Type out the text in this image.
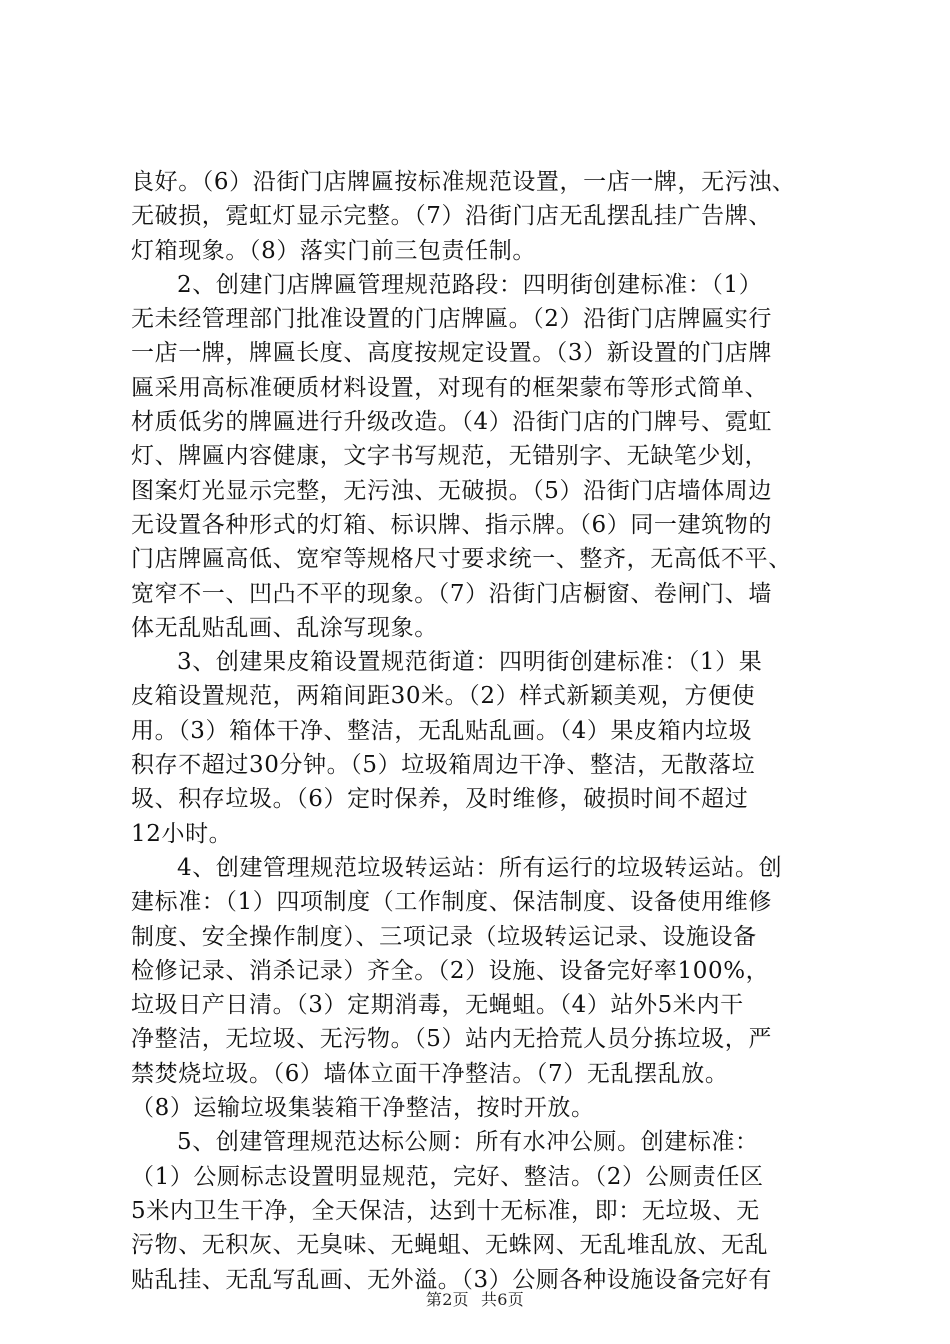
良好。（6）沿街门店牌匾按标准规范设置，一店一牌，无污浊、
无破损，霓虹灯显示完整。（7）沿街门店无乱摆乱挂广告牌、
灯箱现象。（8）落实门前三包责任制。
2、创建门店牌匾管理规范路段：四明街创建标准：（1）
无未经管理部门批准设置的门店牌匾。（2）沿街门店牌匾实行
一店一牌，牌匾长度、高度按规定设置。（3）新设置的门店牌
匾采用高标准硬质材料设置，对现有的框架蒙布等形式简单、
材质低劣的牌匾进行升级改造。（4）沿街门店的门牌号、霓虹
灯、牌匾内容健康，文字书写规范，无错别字、无缺笔少划，
图案灯光显示完整，无污浊、无破损。（5）沿街门店墙体周边
无设置各种形式的灯箱、标识牌、指示牌。（6）同一建筑物的
门店牌匾高低、宽窄等规格尺寸要求统一、整齐，无高低不平、
宽窄不一、凹凸不平的现象。（7）沿街门店橱窗、卷闸门、墙
体无乱贴乱画、乱涂写现象。
3、创建果皮箱设置规范街道：四明街创建标准：（1）果
皮箱设置规范，两箱间距30米。（2）样式新颖美观，方便使
用。（3）箱体干净、整洁，无乱贴乱画。（4）果皮箱内垃圾
积存不超过30分钟。（5）垃圾箱周边干净、整洁，无散落垃
圾、积存垃圾。（6）定时保养，及时维修，破损时间不超过
12小时。
4、创建管理规范垃圾转运站：所有运行的垃圾转运站。创
建标准：（1）四项制度（工作制度、保洁制度、设备使用维修
制度、安全操作制度）、三项记录（垃圾转运记录、设施设备
检修记录、消杀记录）齐全。（2）设施、设备完好率100%，
垃圾日产日清。（3）定期消毒，无蝇蛆。（4）站外5米内干
净整洁，无垃圾、无污物。（5）站内无拾荒人员分拣垃圾，严
禁焚烧垃圾。（6）墙体立面干净整洁。（7）无乱摆乱放。
（8）运输垃圾集装箱干净整洁，按时开放。
5、创建管理规范达标公厕：所有水冲公厕。创建标准：
（1）公厕标志设置明显规范，完好、整洁。（2）公厕责任区
5米内卫生干净，全天保洁，达到十无标准，即：无垃圾、无
污物、无积灰、无臭味、无蝇蛆、无蛛网、无乱堆乱放、无乱
贴乱挂、无乱写乱画、无外溢。（3）公厕各种设施设备完好有
第2页 共6页
